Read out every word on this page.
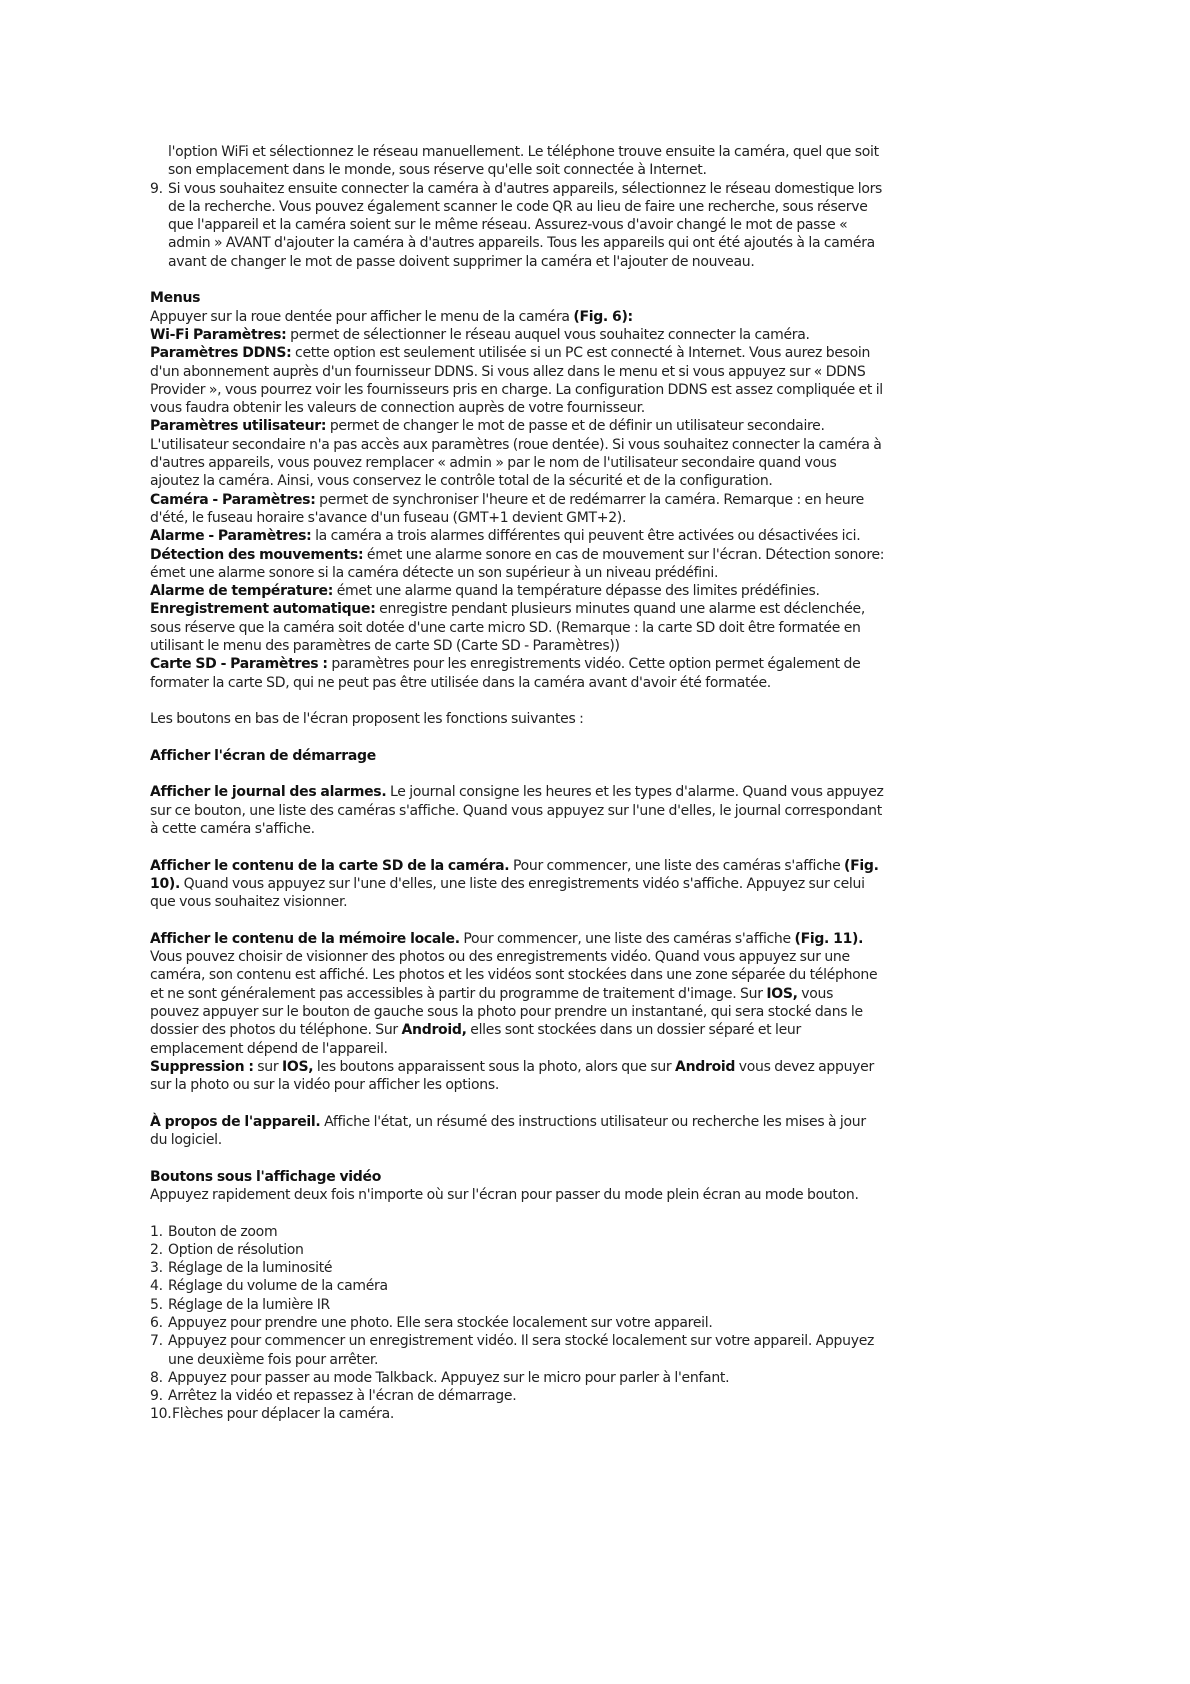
l'option WiFi et sélectionnez le réseau manuellement. Le téléphone trouve ensuite la caméra, quel que soit son emplacement dans le monde, sous réserve qu'elle soit connectée à Internet.

9. Si vous souhaitez ensuite connecter la caméra à d'autres appareils, sélectionnez le réseau domestique lors de la recherche. Vous pouvez également scanner le code QR au lieu de faire une recherche, sous réserve que l'appareil et la caméra soient sur le même réseau. Assurez-vous d'avoir changé le mot de passe « admin » AVANT d'ajouter la caméra à d'autres appareils. Tous les appareils qui ont été ajoutés à la caméra avant de changer le mot de passe doivent supprimer la caméra et l'ajouter de nouveau.

Menus

Appuyer sur la roue dentée pour afficher le menu de la caméra (Fig. 6):

Wi-Fi Paramètres: permet de sélectionner le réseau auquel vous souhaitez connecter la caméra.

Paramètres DDNS: cette option est seulement utilisée si un PC est connecté à Internet. Vous aurez besoin d'un abonnement auprès d'un fournisseur DDNS. Si vous allez dans le menu et si vous appuyez sur « DDNS Provider », vous pourrez voir les fournisseurs pris en charge. La configuration DDNS est assez compliquée et il vous faudra obtenir les valeurs de connection auprès de votre fournisseur.

Paramètres utilisateur: permet de changer le mot de passe et de définir un utilisateur secondaire. L'utilisateur secondaire n'a pas accès aux paramètres (roue dentée). Si vous souhaitez connecter la caméra à d'autres appareils, vous pouvez remplacer « admin » par le nom de l'utilisateur secondaire quand vous ajoutez la caméra. Ainsi, vous conservez le contrôle total de la sécurité et de la configuration.

Caméra - Paramètres: permet de synchroniser l'heure et de redémarrer la caméra. Remarque : en heure d'été, le fuseau horaire s'avance d'un fuseau (GMT+1 devient GMT+2).

Alarme - Paramètres: la caméra a trois alarmes différentes qui peuvent être activées ou désactivées ici.

Détection des mouvements: émet une alarme sonore en cas de mouvement sur l'écran. Détection sonore: émet une alarme sonore si la caméra détecte un son supérieur à un niveau prédéfini.

Alarme de température: émet une alarme quand la température dépasse des limites prédéfinies.

Enregistrement automatique: enregistre pendant plusieurs minutes quand une alarme est déclenchée, sous réserve que la caméra soit dotée d'une carte micro SD. (Remarque : la carte SD doit être formatée en utilisant le menu des paramètres de carte SD (Carte SD - Paramètres))

Carte SD - Paramètres : paramètres pour les enregistrements vidéo. Cette option permet également de formater la carte SD, qui ne peut pas être utilisée dans la caméra avant d'avoir été formatée.

Les boutons en bas de l'écran proposent les fonctions suivantes :

Afficher l'écran de démarrage

Afficher le journal des alarmes. Le journal consigne les heures et les types d'alarme. Quand vous appuyez sur ce bouton, une liste des caméras s'affiche. Quand vous appuyez sur l'une d'elles, le journal correspondant à cette caméra s'affiche.

Afficher le contenu de la carte SD de la caméra. Pour commencer, une liste des caméras s'affiche (Fig. 10). Quand vous appuyez sur l'une d'elles, une liste des enregistrements vidéo s'affiche. Appuyez sur celui que vous souhaitez visionner.

Afficher le contenu de la mémoire locale. Pour commencer, une liste des caméras s'affiche (Fig. 11). Vous pouvez choisir de visionner des photos ou des enregistrements vidéo. Quand vous appuyez sur une caméra, son contenu est affiché. Les photos et les vidéos sont stockées dans une zone séparée du téléphone et ne sont généralement pas accessibles à partir du programme de traitement d'image. Sur IOS, vous pouvez appuyer sur le bouton de gauche sous la photo pour prendre un instantané, qui sera stocké dans le dossier des photos du téléphone. Sur Android, elles sont stockées dans un dossier séparé et leur emplacement dépend de l'appareil.

Suppression : sur IOS, les boutons apparaissent sous la photo, alors que sur Android vous devez appuyer sur la photo ou sur la vidéo pour afficher les options.

À propos de l'appareil. Affiche l'état, un résumé des instructions utilisateur ou recherche les mises à jour du logiciel.

Boutons sous l'affichage vidéo

Appuyez rapidement deux fois n'importe où sur l'écran pour passer du mode plein écran au mode bouton.

1. Bouton de zoom

2. Option de résolution

3. Réglage de la luminosité

4. Réglage du volume de la caméra

5. Réglage de la lumière IR

6. Appuyez pour prendre une photo. Elle sera stockée localement sur votre appareil.

7. Appuyez pour commencer un enregistrement vidéo. Il sera stocké localement sur votre appareil. Appuyez une deuxième fois pour arrêter.

8. Appuyez pour passer au mode Talkback. Appuyez sur le micro pour parler à l'enfant.

9. Arrêtez la vidéo et repassez à l'écran de démarrage.

10. Flèches pour déplacer la caméra.
